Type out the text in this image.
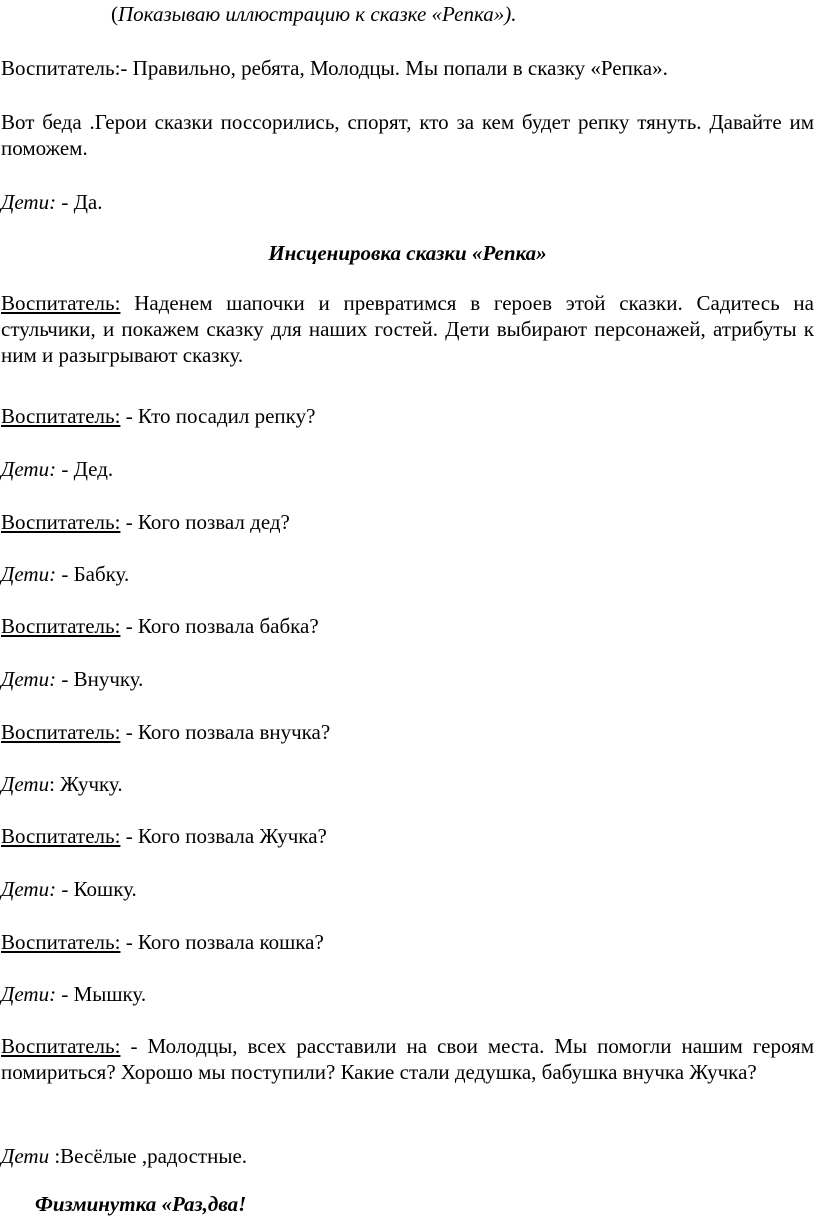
(Показываю иллюстрацию к сказке «Репка»).

Воспитатель:- Правильно, ребята, Молодцы. Мы попали в сказку «Репка».

Вот беда .Герои сказки поссорились, спорят, кто за кем будет репку тянуть. Давайте им поможем.

Дети: - Да.

Инсценировка сказки «Репка»

Воспитатель: Наденем шапочки и превратимся в героев этой сказки. Садитесь на стульчики, и покажем сказку для наших гостей. Дети выбирают персонажей, атрибуты к ним и разыгрывают сказку.

Воспитатель: - Кто посадил репку?

Дети: - Дед.

Воспитатель: - Кого позвал дед?

Дети: - Бабку.

Воспитатель: - Кого позвала бабка?

Дети: - Внучку.

Воспитатель: - Кого позвала внучка?

Дети: Жучку.

Воспитатель: - Кого позвала Жучка?

Дети: - Кошку.

Воспитатель: - Кого позвала кошка?

Дети: - Мышку.

Воспитатель: - Молодцы, всех расставили на свои места. Мы помогли нашим героям помириться? Хорошо мы поступили? Какие стали дедушка, бабушка внучка Жучка?

Дети :Весёлые ,радостные.

Физминутка «Раз,два!
